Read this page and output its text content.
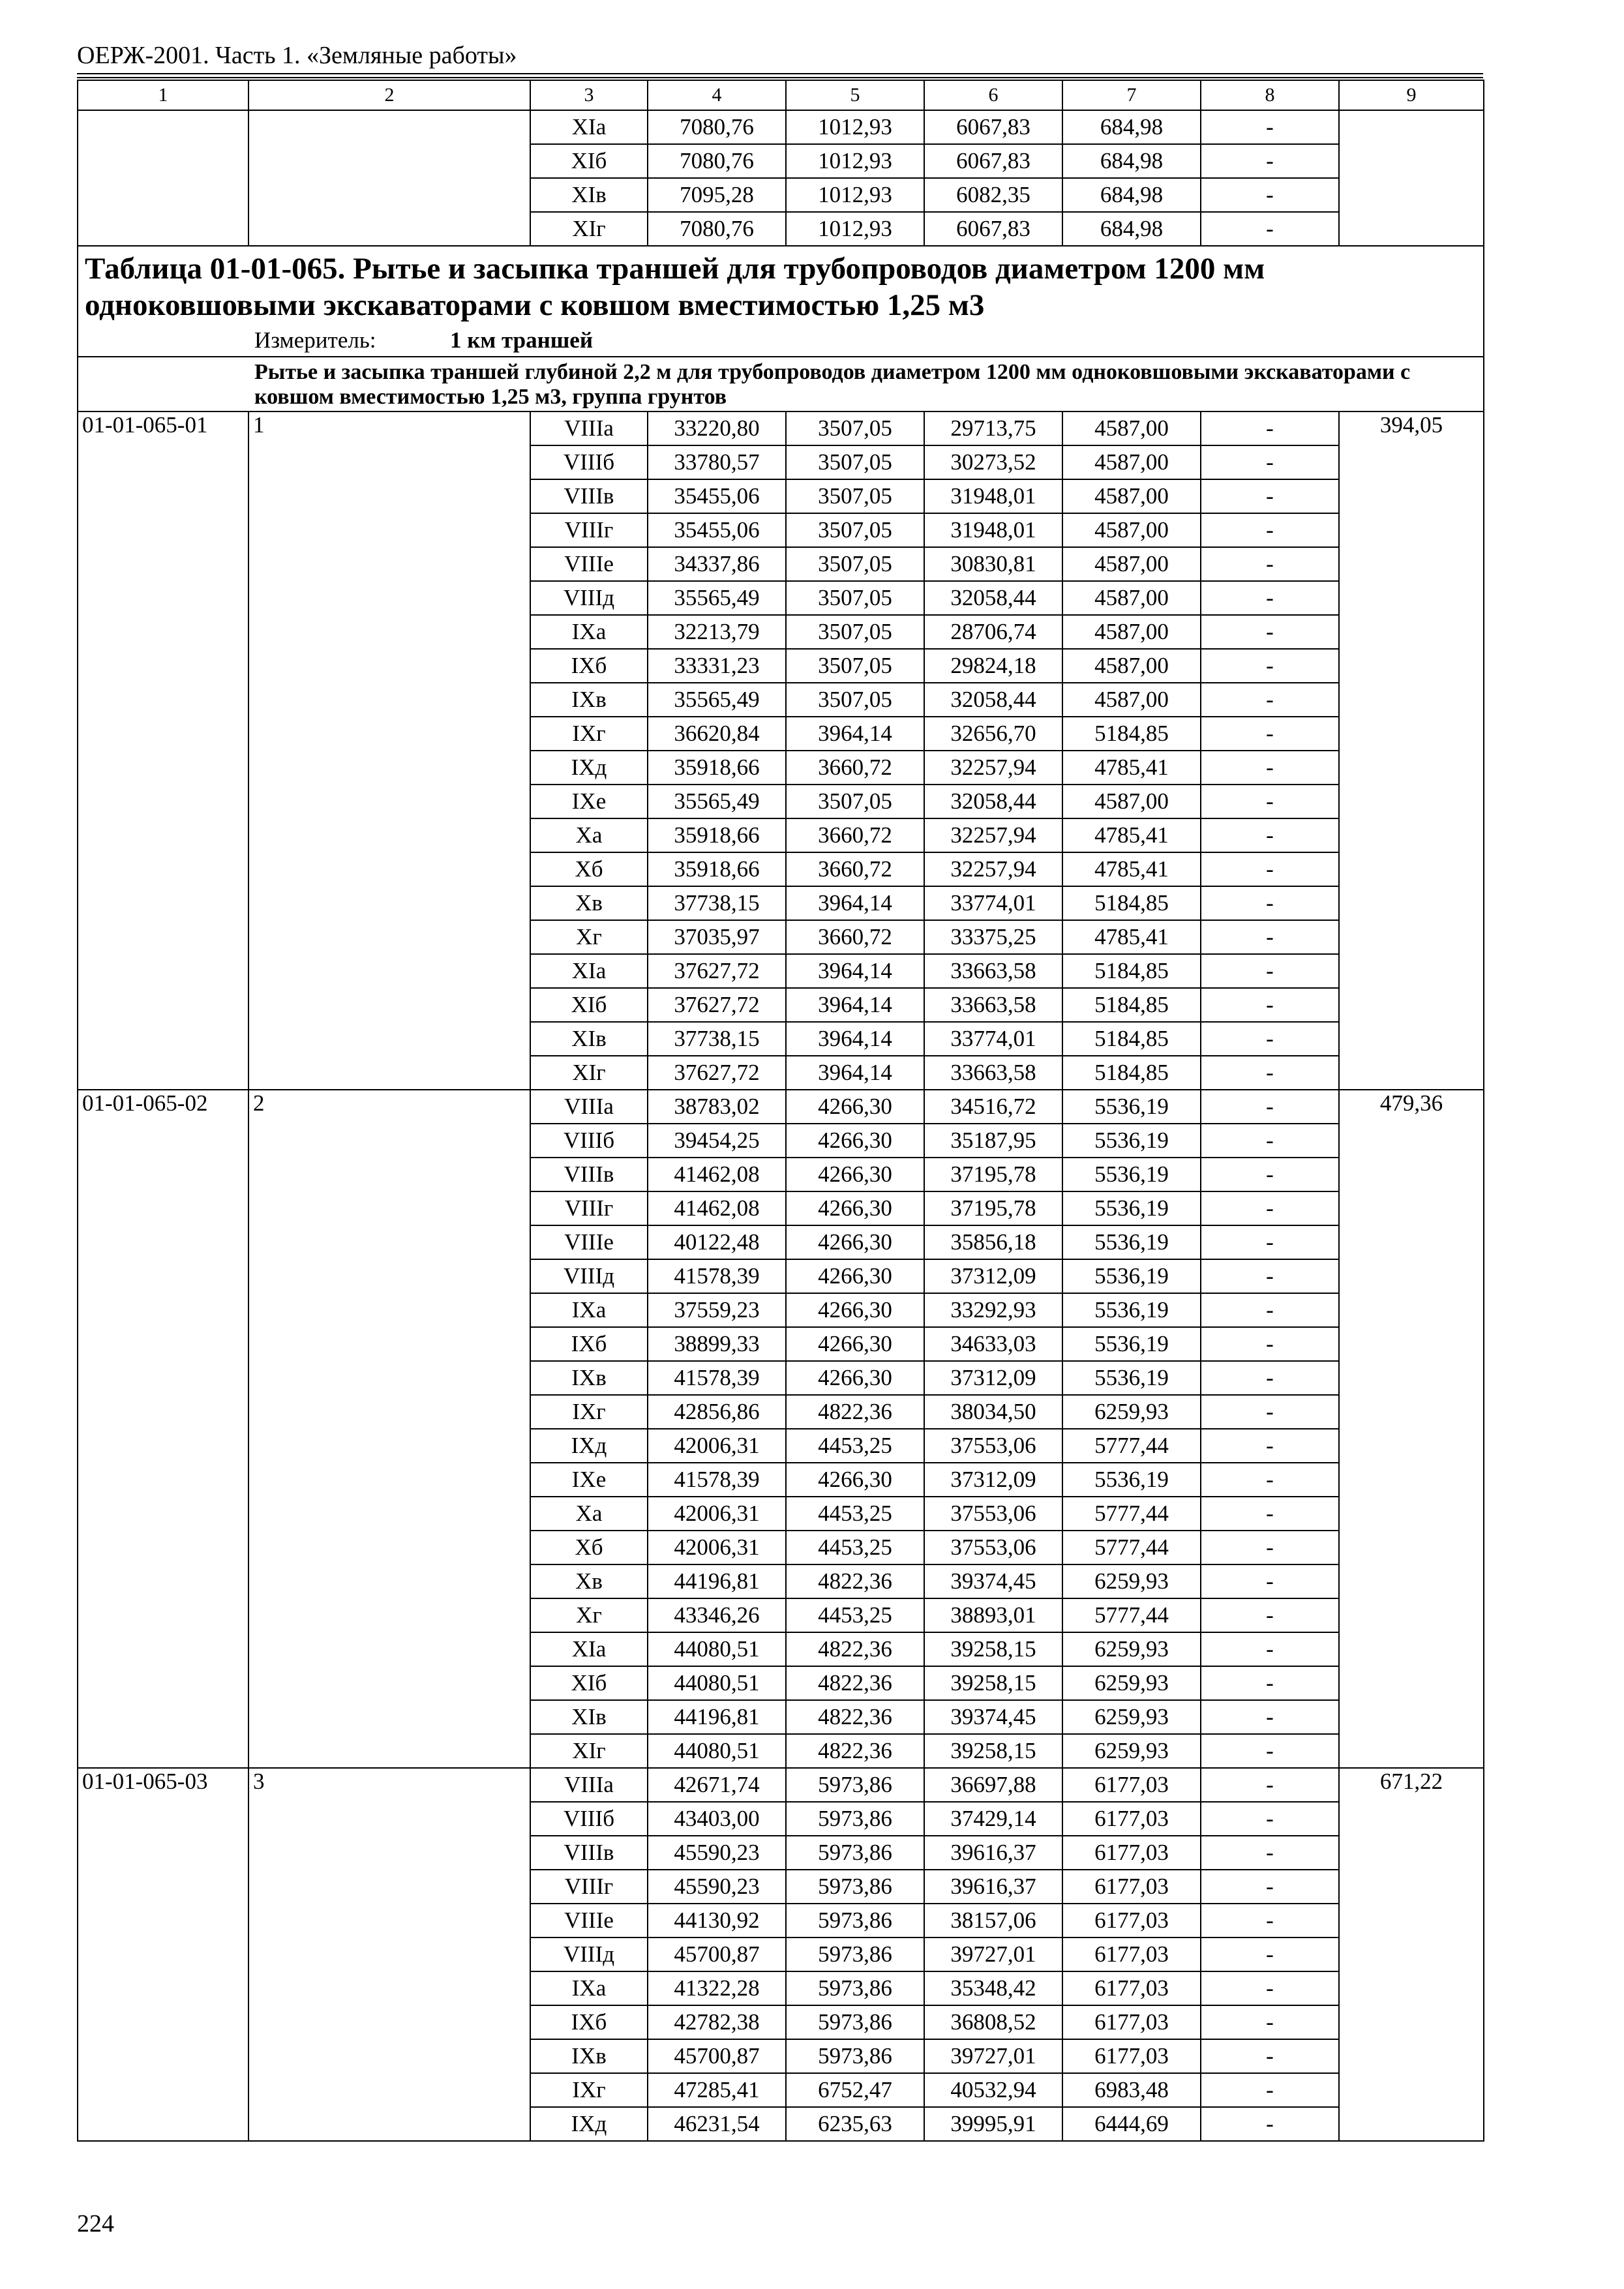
ОЕРЖ-2001. Часть 1. «Земляные работы»
1	2	3	4	5	6	7	8	9
		XIа	7080,76	1012,93	6067,83	684,98	-	
		XIб	7080,76	1012,93	6067,83	684,98	-	
		XIв	7095,28	1012,93	6082,35	684,98	-	
		XIг	7080,76	1012,93	6067,83	684,98	-	

Таблица 01-01-065. Рытье и засыпка траншей для трубопроводов диаметром 1200 мм одноковшовыми экскаваторами с ковшом вместимостью 1,25 м3
Измеритель: 1 км траншей								

Рытье и засыпка траншей глубиной 2,2 м для трубопроводов диаметром 1200 мм одноковшовыми экскаваторами с ковшом вместимостью 1,25 м3, группа грунтов								

01-01-065-01	1	VIIIа	33220,80	3507,05	29713,75	4587,00	-	394,05
		VIIIб	33780,57	3507,05	30273,52	4587,00	-	
		VIIIв	35455,06	3507,05	31948,01	4587,00	-	
		VIIIг	35455,06	3507,05	31948,01	4587,00	-	
		VIIIе	34337,86	3507,05	30830,81	4587,00	-	
		VIIIд	35565,49	3507,05	32058,44	4587,00	-	
		IXа	32213,79	3507,05	28706,74	4587,00	-	
		IXб	33331,23	3507,05	29824,18	4587,00	-	
		IXв	35565,49	3507,05	32058,44	4587,00	-	
		IXг	36620,84	3964,14	32656,70	5184,85	-	
		IXд	35918,66	3660,72	32257,94	4785,41	-	
		IXе	35565,49	3507,05	32058,44	4587,00	-	
		Xа	35918,66	3660,72	32257,94	4785,41	-	
		Xб	35918,66	3660,72	32257,94	4785,41	-	
		Xв	37738,15	3964,14	33774,01	5184,85	-	
		Xг	37035,97	3660,72	33375,25	4785,41	-	
		XIа	37627,72	3964,14	33663,58	5184,85	-	
		XIб	37627,72	3964,14	33663,58	5184,85	-	
		XIв	37738,15	3964,14	33774,01	5184,85	-	
		XIг	37627,72	3964,14	33663,58	5184,85	-	
01-01-065-02	2	VIIIа	38783,02	4266,30	34516,72	5536,19	-	479,36
		VIIIб	39454,25	4266,30	35187,95	5536,19	-	
		VIIIв	41462,08	4266,30	37195,78	5536,19	-	
		VIIIг	41462,08	4266,30	37195,78	5536,19	-	
		VIIIе	40122,48	4266,30	35856,18	5536,19	-	
		VIIIд	41578,39	4266,30	37312,09	5536,19	-	
		IXа	37559,23	4266,30	33292,93	5536,19	-	
		IXб	38899,33	4266,30	34633,03	5536,19	-	
		IXв	41578,39	4266,30	37312,09	5536,19	-	
		IXг	42856,86	4822,36	38034,50	6259,93	-	
		IXд	42006,31	4453,25	37553,06	5777,44	-	
		IXе	41578,39	4266,30	37312,09	5536,19	-	
		Xа	42006,31	4453,25	37553,06	5777,44	-	
		Xб	42006,31	4453,25	37553,06	5777,44	-	
		Xв	44196,81	4822,36	39374,45	6259,93	-	
		Xг	43346,26	4453,25	38893,01	5777,44	-	
		XIа	44080,51	4822,36	39258,15	6259,93	-	
		XIб	44080,51	4822,36	39258,15	6259,93	-	
		XIв	44196,81	4822,36	39374,45	6259,93	-	
		XIг	44080,51	4822,36	39258,15	6259,93	-	
01-01-065-03	3	VIIIа	42671,74	5973,86	36697,88	6177,03	-	671,22
		VIIIб	43403,00	5973,86	37429,14	6177,03	-	
		VIIIв	45590,23	5973,86	39616,37	6177,03	-	
		VIIIг	45590,23	5973,86	39616,37	6177,03	-	
		VIIIе	44130,92	5973,86	38157,06	6177,03	-	
		VIIIд	45700,87	5973,86	39727,01	6177,03	-	
		IXа	41322,28	5973,86	35348,42	6177,03	-	
		IXб	42782,38	5973,86	36808,52	6177,03	-	
		IXв	45700,87	5973,86	39727,01	6177,03	-	
		IXг	47285,41	6752,47	40532,94	6983,48	-	
		IXд	46231,54	6235,63	39995,91	6444,69	-	
224
